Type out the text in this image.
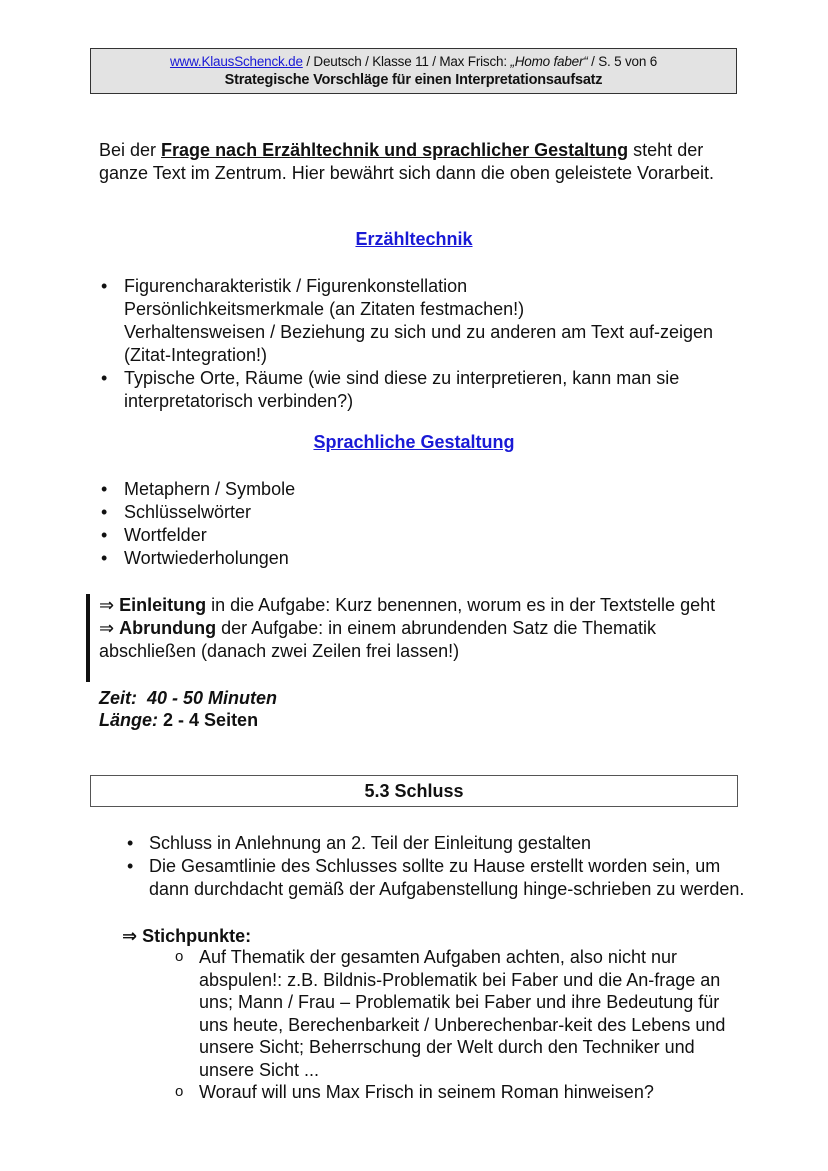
www.KlausSchenck.de / Deutsch / Klasse 11 / Max Frisch: „Homo faber“ / S. 5 von 6
Strategische Vorschläge für einen Interpretationsaufsatz
Bei der Frage nach Erzähltechnik und sprachlicher Gestaltung steht der ganze Text im Zentrum. Hier bewährt sich dann die oben geleistete Vorarbeit.
Erzähltechnik
• Figurencharakteristik / Figurenkonstellation
Persönlichkeitsmerkmale (an Zitaten festmachen!)
Verhaltensweisen / Beziehung zu sich und zu anderen am Text auf-zeigen (Zitat-Integration!)
• Typische Orte, Räume (wie sind diese zu interpretieren, kann man sie interpretatorisch verbinden?)
Sprachliche Gestaltung
• Metaphern / Symbole
• Schlüsselwörter
• Wortfelder
• Wortwiederholungen
⇒ Einleitung in die Aufgabe: Kurz benennen, worum es in der Textstelle geht
⇒ Abrundung der Aufgabe: in einem abrundenden Satz die Thematik abschließen (danach zwei Zeilen frei lassen!)
Zeit: 40 - 50 Minuten
Länge: 2 - 4 Seiten
5.3 Schluss
• Schluss in Anlehnung an 2. Teil der Einleitung gestalten
• Die Gesamtlinie des Schlusses sollte zu Hause erstellt worden sein, um dann durchdacht gemäß der Aufgabenstellung hinge-schrieben zu werden.
⇒ Stichpunkte:
o Auf Thematik der gesamten Aufgaben achten, also nicht nur abspulen!: z.B. Bildnis-Problematik bei Faber und die An-frage an uns; Mann / Frau – Problematik bei Faber und ihre Bedeutung für uns heute, Berechenbarkeit / Unberechenbar-keit des Lebens und unsere Sicht; Beherrschung der Welt durch den Techniker und unsere Sicht ...
o Worauf will uns Max Frisch in seinem Roman hinweisen?
